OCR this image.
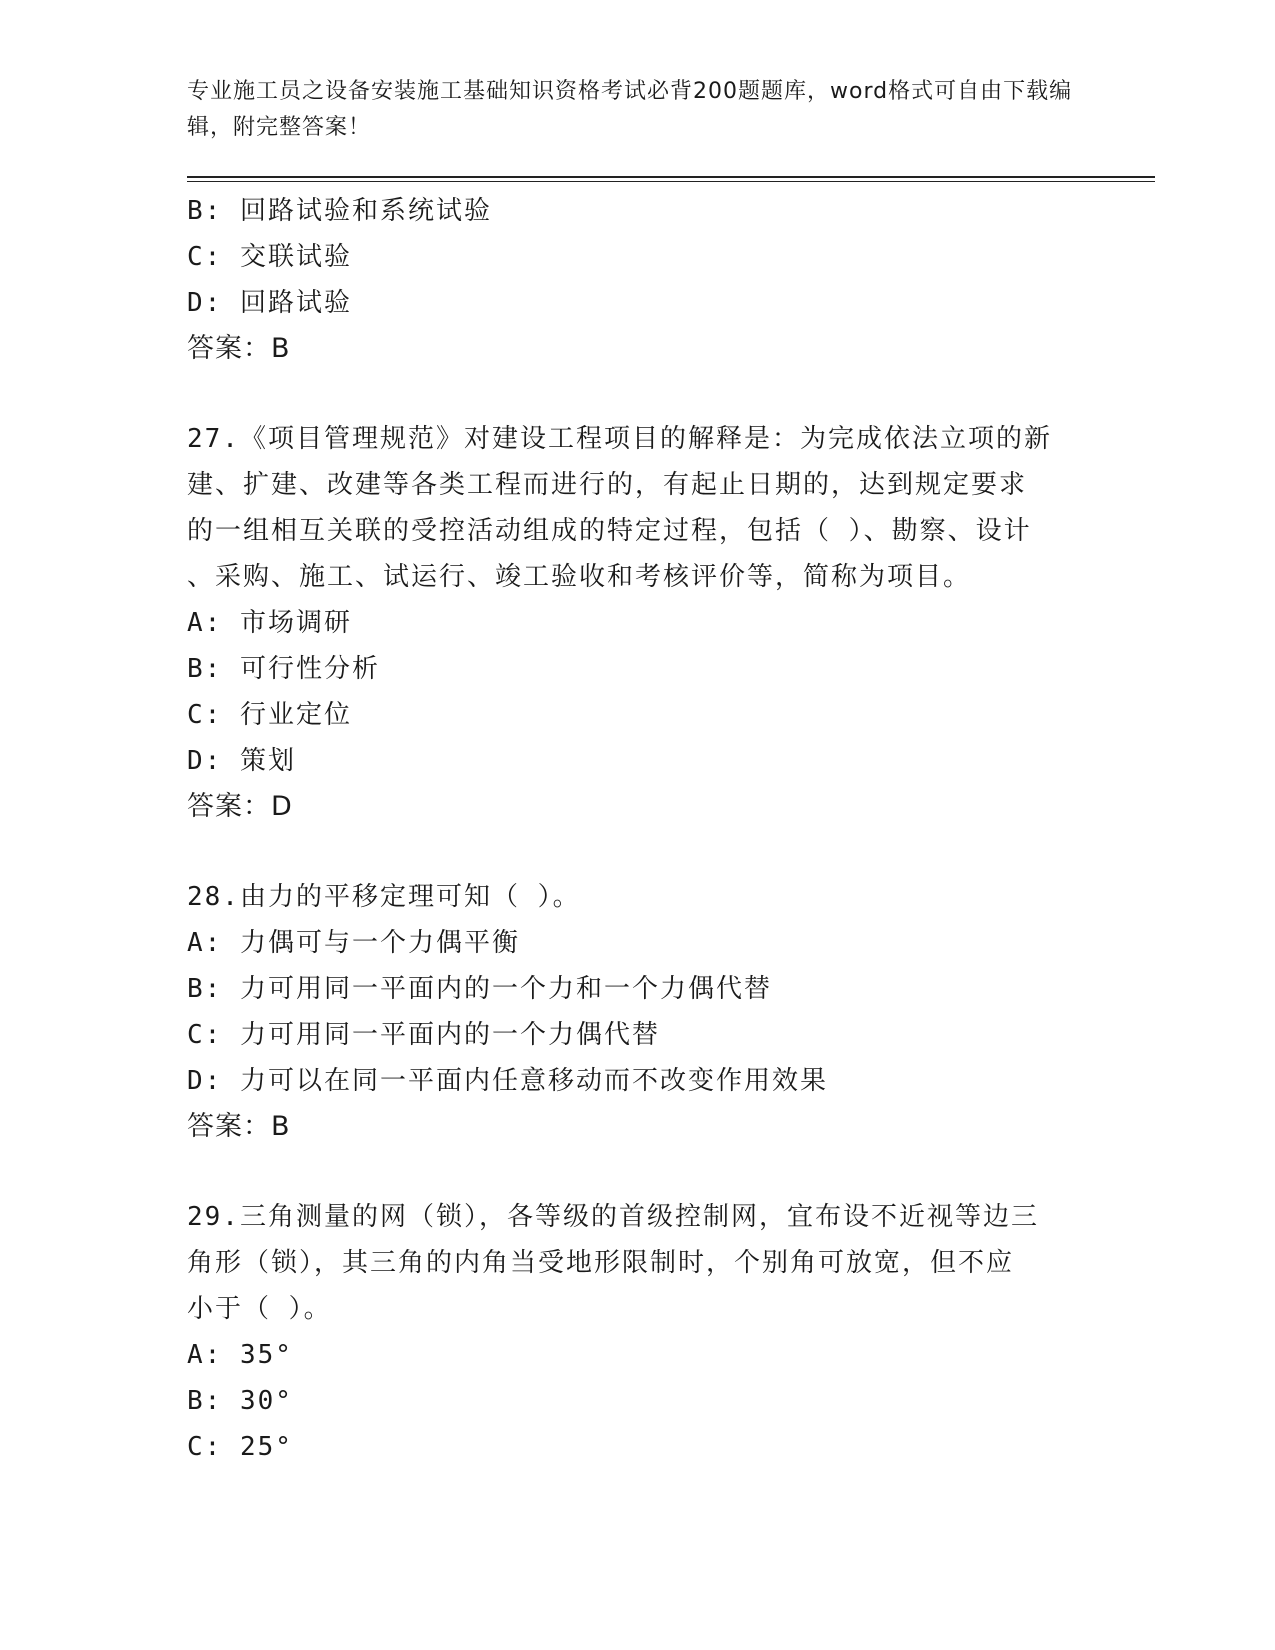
专业施工员之设备安装施工基础知识资格考试必背200题题库，word格式可自由下载编辑，附完整答案！
B: 回路试验和系统试验
C: 交联试验
D: 回路试验
答案：B
27.《项目管理规范》对建设工程项目的解释是：为完成依法立项的新
建、扩建、改建等各类工程而进行的，有起止日期的，达到规定要求
的一组相互关联的受控活动组成的特定过程，包括（ ）、勘察、设计
、采购、施工、试运行、竣工验收和考核评价等，简称为项目。
A: 市场调研
B: 可行性分析
C: 行业定位
D: 策划
答案：D
28.由力的平移定理可知（ ）。
A: 力偶可与一个力偶平衡
B: 力可用同一平面内的一个力和一个力偶代替
C: 力可用同一平面内的一个力偶代替
D: 力可以在同一平面内任意移动而不改变作用效果
答案：B
29.三角测量的网（锁），各等级的首级控制网，宜布设不近视等边三
角形（锁），其三角的内角当受地形限制时，个别角可放宽，但不应
小于（ ）。
A: 35°
B: 30°
C: 25°
